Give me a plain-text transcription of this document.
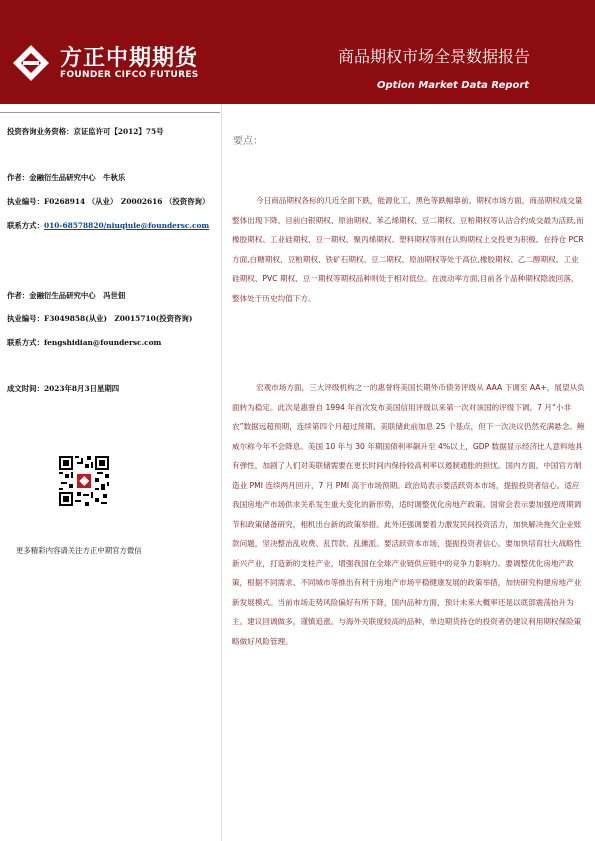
方正中期期货
FOUNDER CIFCO FUTURES
商品期权市场全景数据报告
Option Market Data Report
投资咨询业务资格：京证监许可【2012】75号
作者：金融衍生品研究中心　牛秋乐
执业编号：F0268914 （从业）　Z0002616 （投资咨询）
联系方式：010-68578820/niuqiule@foundersc.com
作者：金融衍生品研究中心　冯世佃
执业编号：F3049858(从业)　Z0015710(投资咨询)
联系方式：fengshidian@foundersc.com
成文时间：2023年8月3日星期四
更多精彩内容请关注方正中期官方微信
要点：

今日商品期权各标的几近全面下跌，能源化工、黑色等跌幅靠前。期权市场方面，商品期权成交量整体出现下降。目前白银期权、原油期权、苯乙烯期权、豆二期权、豆粕期权等认沽合约成交最为活跃,而橡胶期权、工业硅期权、豆一期权、聚丙烯期权、塑料期权等则在认购期权上交投更为积极。在持仓 PCR 方面,白糖期权、豆粕期权、铁矿石期权、豆二期权、原油期权等处于高位,橡胶期权、乙二醇期权、工业硅期权、PVC 期权、豆一期权等期权品种则处于相对低位。在波动率方面,目前各个品种期权隐波回落，整体处于历史均值下方。

宏观市场方面，三大评级机构之一的惠誉将美国长期外币债务评级从 AAA 下调至 AA+，展望从负面转为稳定。此次是惠誉自 1994 年首次发布美国信用评级以来第一次对该国的评级下调。7 月“小非农”数据远超预期，连续第四个月超过预期。美联储此前加息 25 个基点，但下一次决议仍然充满悬念。鲍威尔称今年不会降息。美国 10 年与 30 年期国债利率飙升至 4%以上，GDP 数据显示经济比人意料地具有弹性，加剧了人们对美联储需要在更长时间内保持较高利率以遏制通胀的担忧。国内方面，中国官方制造业 PMI 连续两月回升，7 月 PMI 高于市场预期。政治局表示要活跃资本市场，提振投资者信心。适应我国房地产市场供求关系发生重大变化的新形势，适时调整优化房地产政策。国常会表示要加强逆周期调节和政策储备研究，相机出台新的政策举措。此外还强调要着力激发民间投资活力，加快解决拖欠企业账款问题，坚决整治乱收费、乱罚款、乱摊派。要活跃资本市场，提振投资者信心。要加快培育壮大战略性新兴产业，打造新的支柱产业，增强我国在全球产业链供应链中的竞争力影响力。要调整优化房地产政策，根据不同需求、不同城市等推出有利于房地产市场平稳健康发展的政策举措，加快研究构建房地产业新发展模式。当前市场走势风险偏好有所下降，国内品种方面，预计未来大概率还是以底部震荡抬升为主。建议回调做多，谨慎追涨。与海外关联度较高的品种，单边期货持仓的投资者仍建议利用期权保险策略做好风险管理。
